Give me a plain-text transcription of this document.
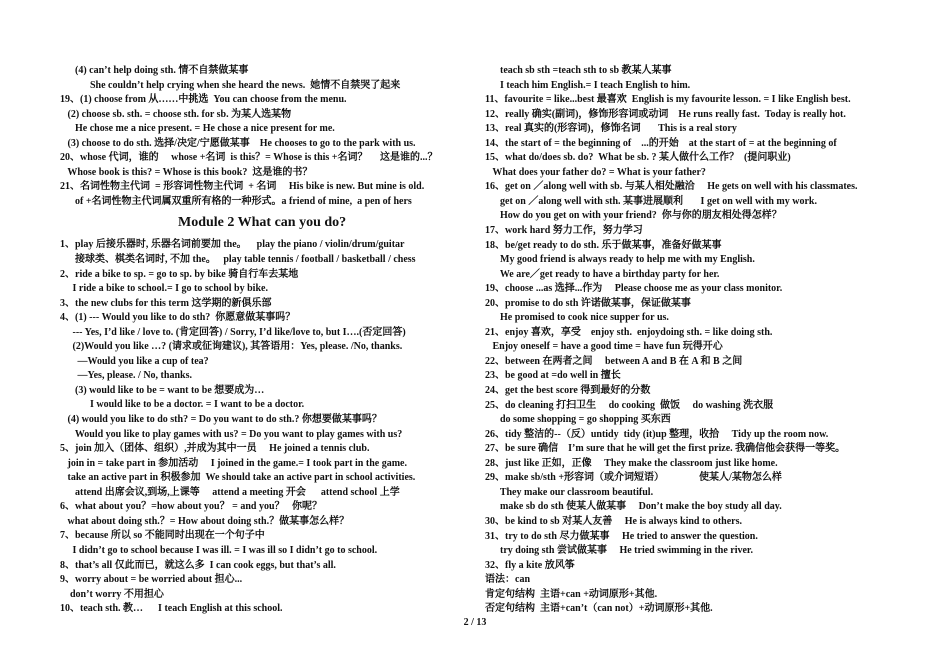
(4) can’t help doing sth. 情不自禁做某事
She couldn’t help crying when she heard the news.  她情不自禁哭了起来
19、(1) choose from 从……中挑选  You can choose from the menu.
(2) choose sb. sth. = choose sth. for sb. 为某人选某物
He chose me a nice present. = He chose a nice present for me.
(3) choose to do sth. 选择/决定/宁愿做某事    He chooses to go to the park with us.
20、whose 代词，谁的     whose +名词  is this？= Whose is this +名词？     这是谁的...？
Whose book is this? = Whose is this book?  这是谁的书？
21、名词性物主代词  = 形容词性物主代词  + 名词     His bike is new. But mine is old.
of +名词性物主代词属双重所有格的一种形式。a friend of mine,  a pen of hers
Module 2 What can you do?
1、play 后接乐器时, 乐器名词前要加 the。    play the piano / violin/drum/guitar
接球类、棋类名词时, 不加 the。   play table tennis / football / basketball / chess
2、ride a bike to sp. = go to sp. by bike 骑自行车去某地
I ride a bike to school.= I go to school by bike.
3、the new clubs for this term 这学期的新俱乐部
4、(1) --- Would you like to do sth?  你愿意做某事吗？
--- Yes, I’d like / love to. (肯定回答) / Sorry, I’d like/love to, but I….(否定回答)
(2)Would you like …? (请求或征询建议), 其答语用：Yes, please. /No, thanks.
—Would you like a cup of tea?
—Yes, please. / No, thanks.
(3) would like to be = want to be 想要成为…
I would like to be a doctor. = I want to be a doctor.
(4) would you like to do sth? = Do you want to do sth.? 你想要做某事吗？
Would you like to play games with us? = Do you want to play games with us?
5、join 加入（团体、组织）,并成为其中一员     He joined a tennis club.
join in = take part in 参加活动     I joined in the game.= I took part in the game.
take an active part in 积极参加  We should take an active part in school activities.
attend 出席会议,到场,上课等     attend a meeting 开会      attend school 上学
6、what about you？=how about you？ = and you？   你呢？
what about doing sth.？= How about doing sth.？做某事怎么样？
7、because 所以 so 不能同时出现在一个句子中
I didn’t go to school because I was ill. = I was ill so I didn’t go to school.
8、that’s all 仅此而已，就这么多  I can cook eggs, but that’s all.
9、worry about = be worried about 担心...
don’t worry 不用担心
10、teach sth. 教…      I teach English at this school.
teach sb sth =teach sth to sb 教某人某事
I teach him English.= I teach English to him.
11、favourite = like...best 最喜欢  English is my favourite lesson. = I like English best.
12、really 确实(副词)，修饰形容词或动词    He runs really fast.  Today is really hot.
13、real 真实的(形容词)，修饰名词       This is a real story
14、the start of = the beginning of    ...的开始    at the start of = at the beginning of
15、what do/does sb. do?  What be sb. ? 某人做什么工作？  (提问职业)
What does your father do? = What is your father?
16、get on ／along well with sb. 与某人相处融洽     He gets on well with his classmates.
get on ／along well with sth. 某事进展顺利       I get on well with my work.
How do you get on with your friend?  你与你的朋友相处得怎样？
17、work hard 努力工作，努力学习
18、be/get ready to do sth. 乐于做某事，准备好做某事
My good friend is always ready to help me with my English.
We are／get ready to have a birthday party for her.
19、choose ...as 选择...作为     Please choose me as your class monitor.
20、promise to do sth 许诺做某事，保证做某事
He promised to cook nice supper for us.
21、enjoy 喜欢，享受    enjoy sth.  enjoydoing sth. = like doing sth.
Enjoy oneself = have a good time = have fun 玩得开心
22、between 在两者之间     between A and B 在 A 和 B 之间
23、be good at =do well in 擅长
24、get the best score 得到最好的分数
25、do cleaning 打扫卫生     do cooking  做饭     do washing 洗衣服
do some shopping = go shopping 买东西
26、tidy 整洁的--（反）untidy  tidy (it)up 整理，收拾     Tidy up the room now.
27、be sure 确信    I’m sure that he will get the first prize. 我确信他会获得一等奖。
28、just like 正如，正像     They make the classroom just like home.
29、make sb/sth +形容词（或介词短语）              使某人/某物怎么样
They make our classroom beautiful.
make sb do sth 使某人做某事     Don’t make the boy study all day.
30、be kind to sb 对某人友善     He is always kind to others.
31、try to do sth 尽力做某事     He tried to answer the question.
try doing sth 尝试做某事     He tried swimming in the river.
32、fly a kite 放风筝
语法：can
肯定句结构  主语+can +动词原形+其他.
否定句结构  主语+can’t（can not）+动词原形+其他.
2 / 13
